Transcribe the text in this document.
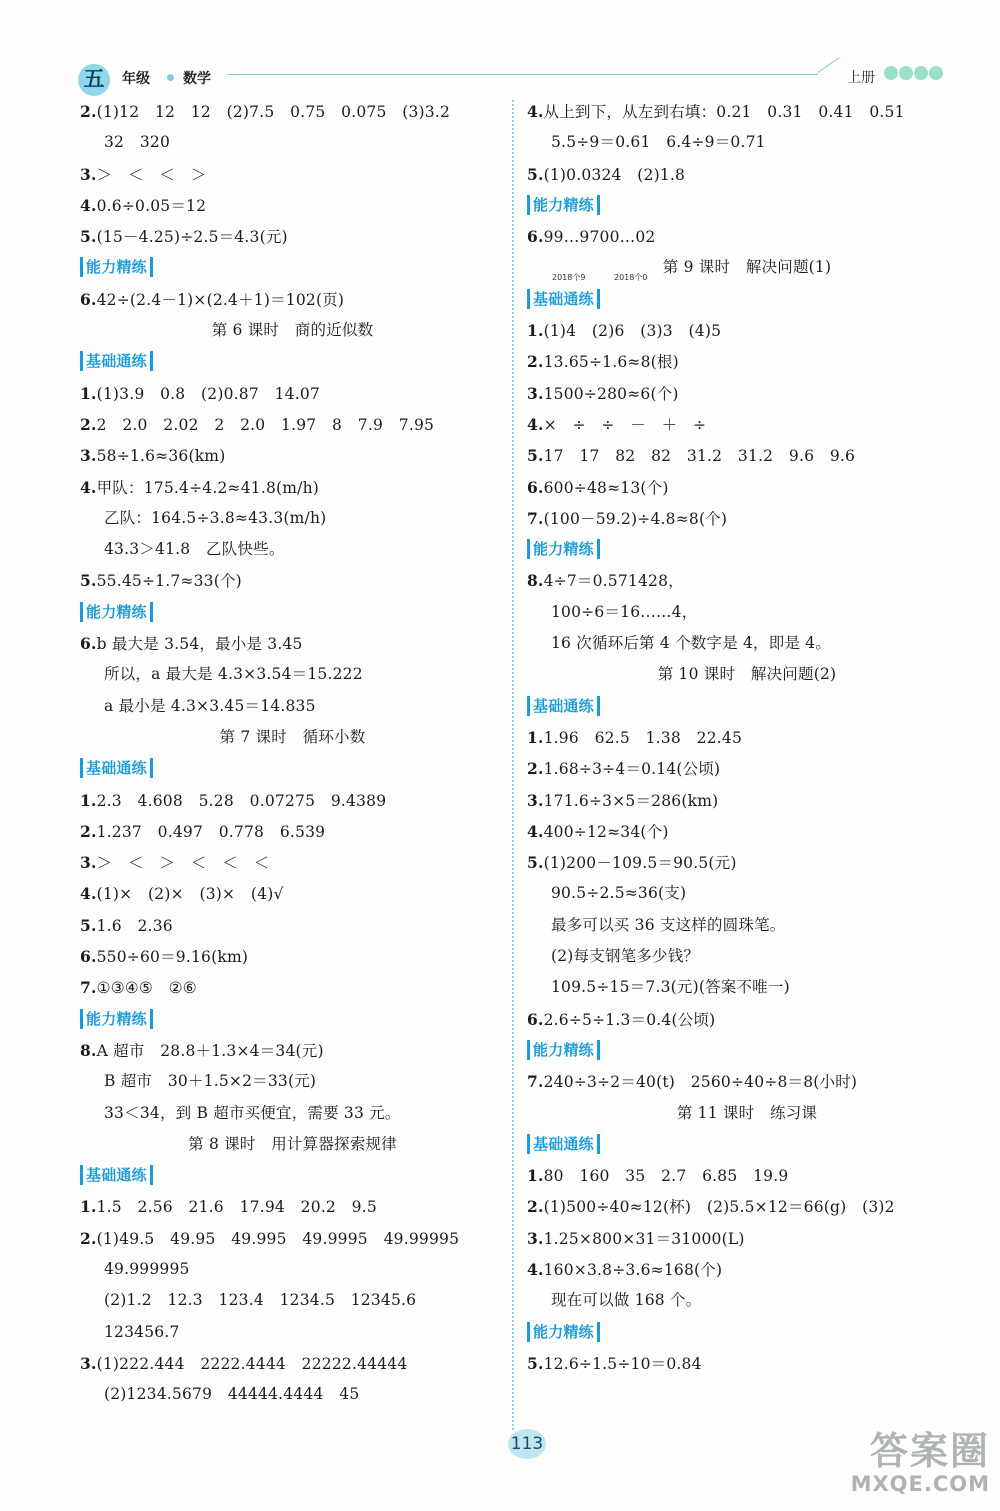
五	年级 数学	上册
2.(1)12　12　12　(2)7.5　0.75　0.075　(3)3.2
32　320
3.＞　＜　＜　＞
4.0.6÷0.05＝12
5.(15－4.25)÷2.5＝4.3(元)
能力精练
6.42÷(2.4－1)×(2.4＋1)＝102(页)
第 6 课时　商的近似数
基础通练
1.(1)3.9　0.8　(2)0.87　14.07
2.2　2.0　2.02　2　2.0　1.97　8　7.9　7.95
3.58÷1.6≈36(km)
4.甲队：175.4÷4.2≈41.8(m/h)
乙队：164.5÷3.8≈43.3(m/h)
43.3＞41.8　乙队快些。
5.55.45÷1.7≈33(个)
能力精练
6.b 最大是 3.54，最小是 3.45
所以，a 最大是 4.3×3.54＝15.222
a 最小是 4.3×3.45＝14.835
第 7 课时　循环小数
基础通练
1.2.3　4.608　5.28　0.07275　9.4389
2.1.237　0.497　0.778　6.539
3.＞　＜　＞　＜　＜　＜
4.(1)×　(2)×　(3)×　(4)√
5.1.6　2.36
6.550÷60＝9.16(km)
7.①③④⑤　②⑥
能力精练
8.A 超市　28.8＋1.3×4＝34(元)
B 超市　30＋1.5×2＝33(元)
33＜34，到 B 超市买便宜，需要 33 元。
第 8 课时　用计算器探索规律
基础通练
1.1.5　2.56　21.6　17.94　20.2　9.5
2.(1)49.5　49.95　49.995　49.9995　49.99995
49.999995
(2)1.2　12.3　123.4　1234.5　12345.6
123456.7
3.(1)222.444　2222.4444　22222.44444
(2)1234.5679　44444.4444　45
4.从上到下，从左到右填：0.21　0.31　0.41　0.51
5.5÷9＝0.61　6.4÷9＝0.71
5.(1)0.0324　(2)1.8
能力精练
6.99…9700…02
第 9 课时　解决问题(1)
基础通练
1.(1)4　(2)6　(3)3　(4)5
2.13.65÷1.6≈8(根)
3.1500÷280≈6(个)
4.×　÷　÷　－　＋　÷
5.17　17　82　82　31.2　31.2　9.6　9.6
6.600÷48≈13(个)
7.(100－59.2)÷4.8≈8(个)
能力精练
8.4÷7＝0.571428，
100÷6＝16……4，
16 次循环后第 4 个数字是 4，即是 4。
第 10 课时　解决问题(2)
基础通练
1.1.96　62.5　1.38　22.45
2.1.68÷3÷4＝0.14(公顷)
3.171.6÷3×5＝286(km)
4.400÷12≈34(个)
5.(1)200－109.5＝90.5(元)
90.5÷2.5≈36(支)
最多可以买 36 支这样的圆珠笔。
(2)每支钢笔多少钱？
109.5÷15＝7.3(元)(答案不唯一)
6.2.6÷5÷1.3＝0.4(公顷)
能力精练
7.240÷3÷2＝40(t)　2560÷40÷8＝8(小时)
第 11 课时　练习课
基础通练
1.80　160　35　2.7　6.85　19.9
2.(1)500÷40≈12(杯)　(2)5.5×12＝66(g)　(3)2
3.1.25×800×31＝31000(L)
4.160×3.8÷3.6≈168(个)
现在可以做 168 个。
能力精练
5.12.6÷1.5÷10＝0.84
2018个9	2018个0
113	答案圈
MXQE.COM
